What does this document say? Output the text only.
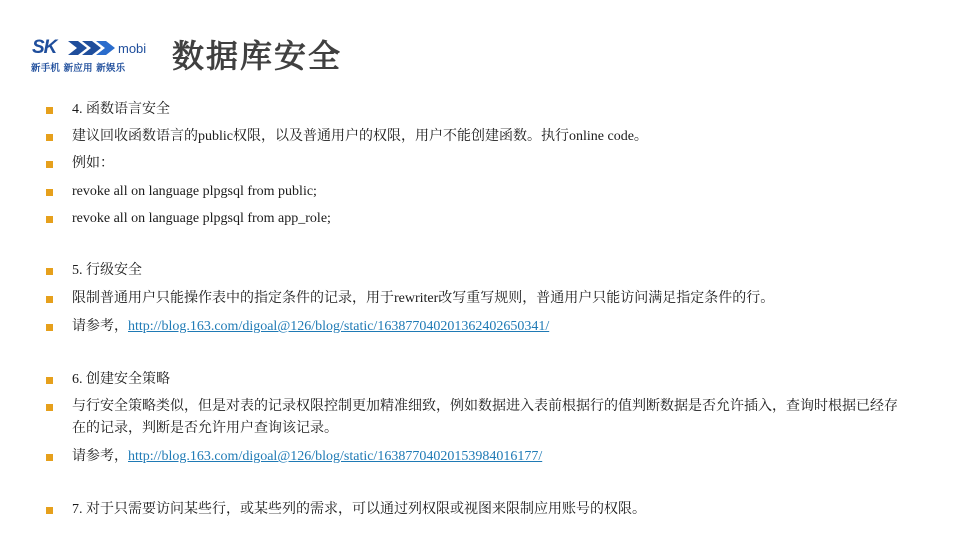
SK	mobi
新手机 新应用 新娱乐 数据库安全
4. 函数语言安全
建议回收函数语言的public权限，以及普通用户的权限，用户不能创建函数。执行online code。
例如：
revoke all on language plpgsql from public;
revoke all on language plpgsql from app_role;
5. 行级安全
限制普通用户只能操作表中的指定条件的记录，用于rewriter改写重写规则，普通用户只能访问满足指定条件的行。
请参考，http://blog.163.com/digoal@126/blog/static/1638770402013624026503​41/
6. 创建安全策略
与行安全策略类似，但是对表的记录权限控制更加精准细致，例如数据进入表前根据行的值判断数据是否允许插入，查询时根据已经存在的记录，判断是否允许用户查询该记录。
请参考，http://blog.163.com/digoal@126/blog/static/16387704020153984016177/
7. 对于只需要访问某些行，或某些列的需求，可以通过列权限或视图来限制应用账号的权限。
